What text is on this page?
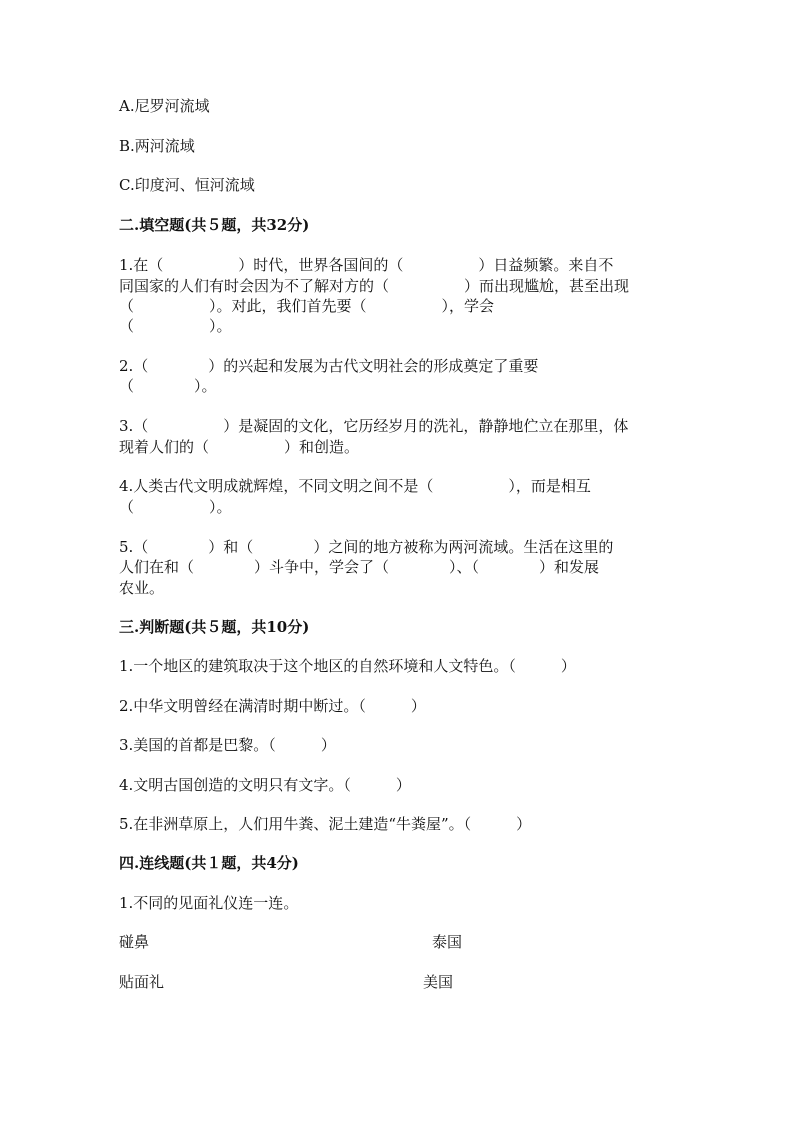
A.尼罗河流域
B.两河流域
C.印度河、恒河流域
二.填空题(共５题，共32分)
1.在（　　　　　）时代，世界各国间的（　　　　　）日益频繁。来自不
同国家的人们有时会因为不了解对方的（　　　　　）而出现尴尬，甚至出现
（　　　　　）。对此，我们首先要（　　　　　），学会
（　　　　　）。
2.（　　　　）的兴起和发展为古代文明社会的形成奠定了重要
（　　　　）。
3.（　　　　　）是凝固的文化，它历经岁月的洗礼，静静地伫立在那里，体
现着人们的（　　　　　）和创造。
4.人类古代文明成就辉煌，不同文明之间不是（　　　　　），而是相互
（　　　　　）。
5.（　　　　）和（　　　　）之间的地方被称为两河流域。生活在这里的
人们在和（　　　　）斗争中，学会了（　　　　）、（　　　　）和发展
农业。
三.判断题(共５题，共10分)
1.一个地区的建筑取决于这个地区的自然环境和人文特色。（　　　）
2.中华文明曾经在满清时期中断过。（　　　）
3.美国的首都是巴黎。（　　　）
4.文明古国创造的文明只有文字。（　　　）
5.在非洲草原上，人们用牛粪、泥土建造“牛粪屋”。（　　　）
四.连线题(共１题，共4分)
1.不同的见面礼仪连一连。
碰鼻	泰国
贴面礼	美国
